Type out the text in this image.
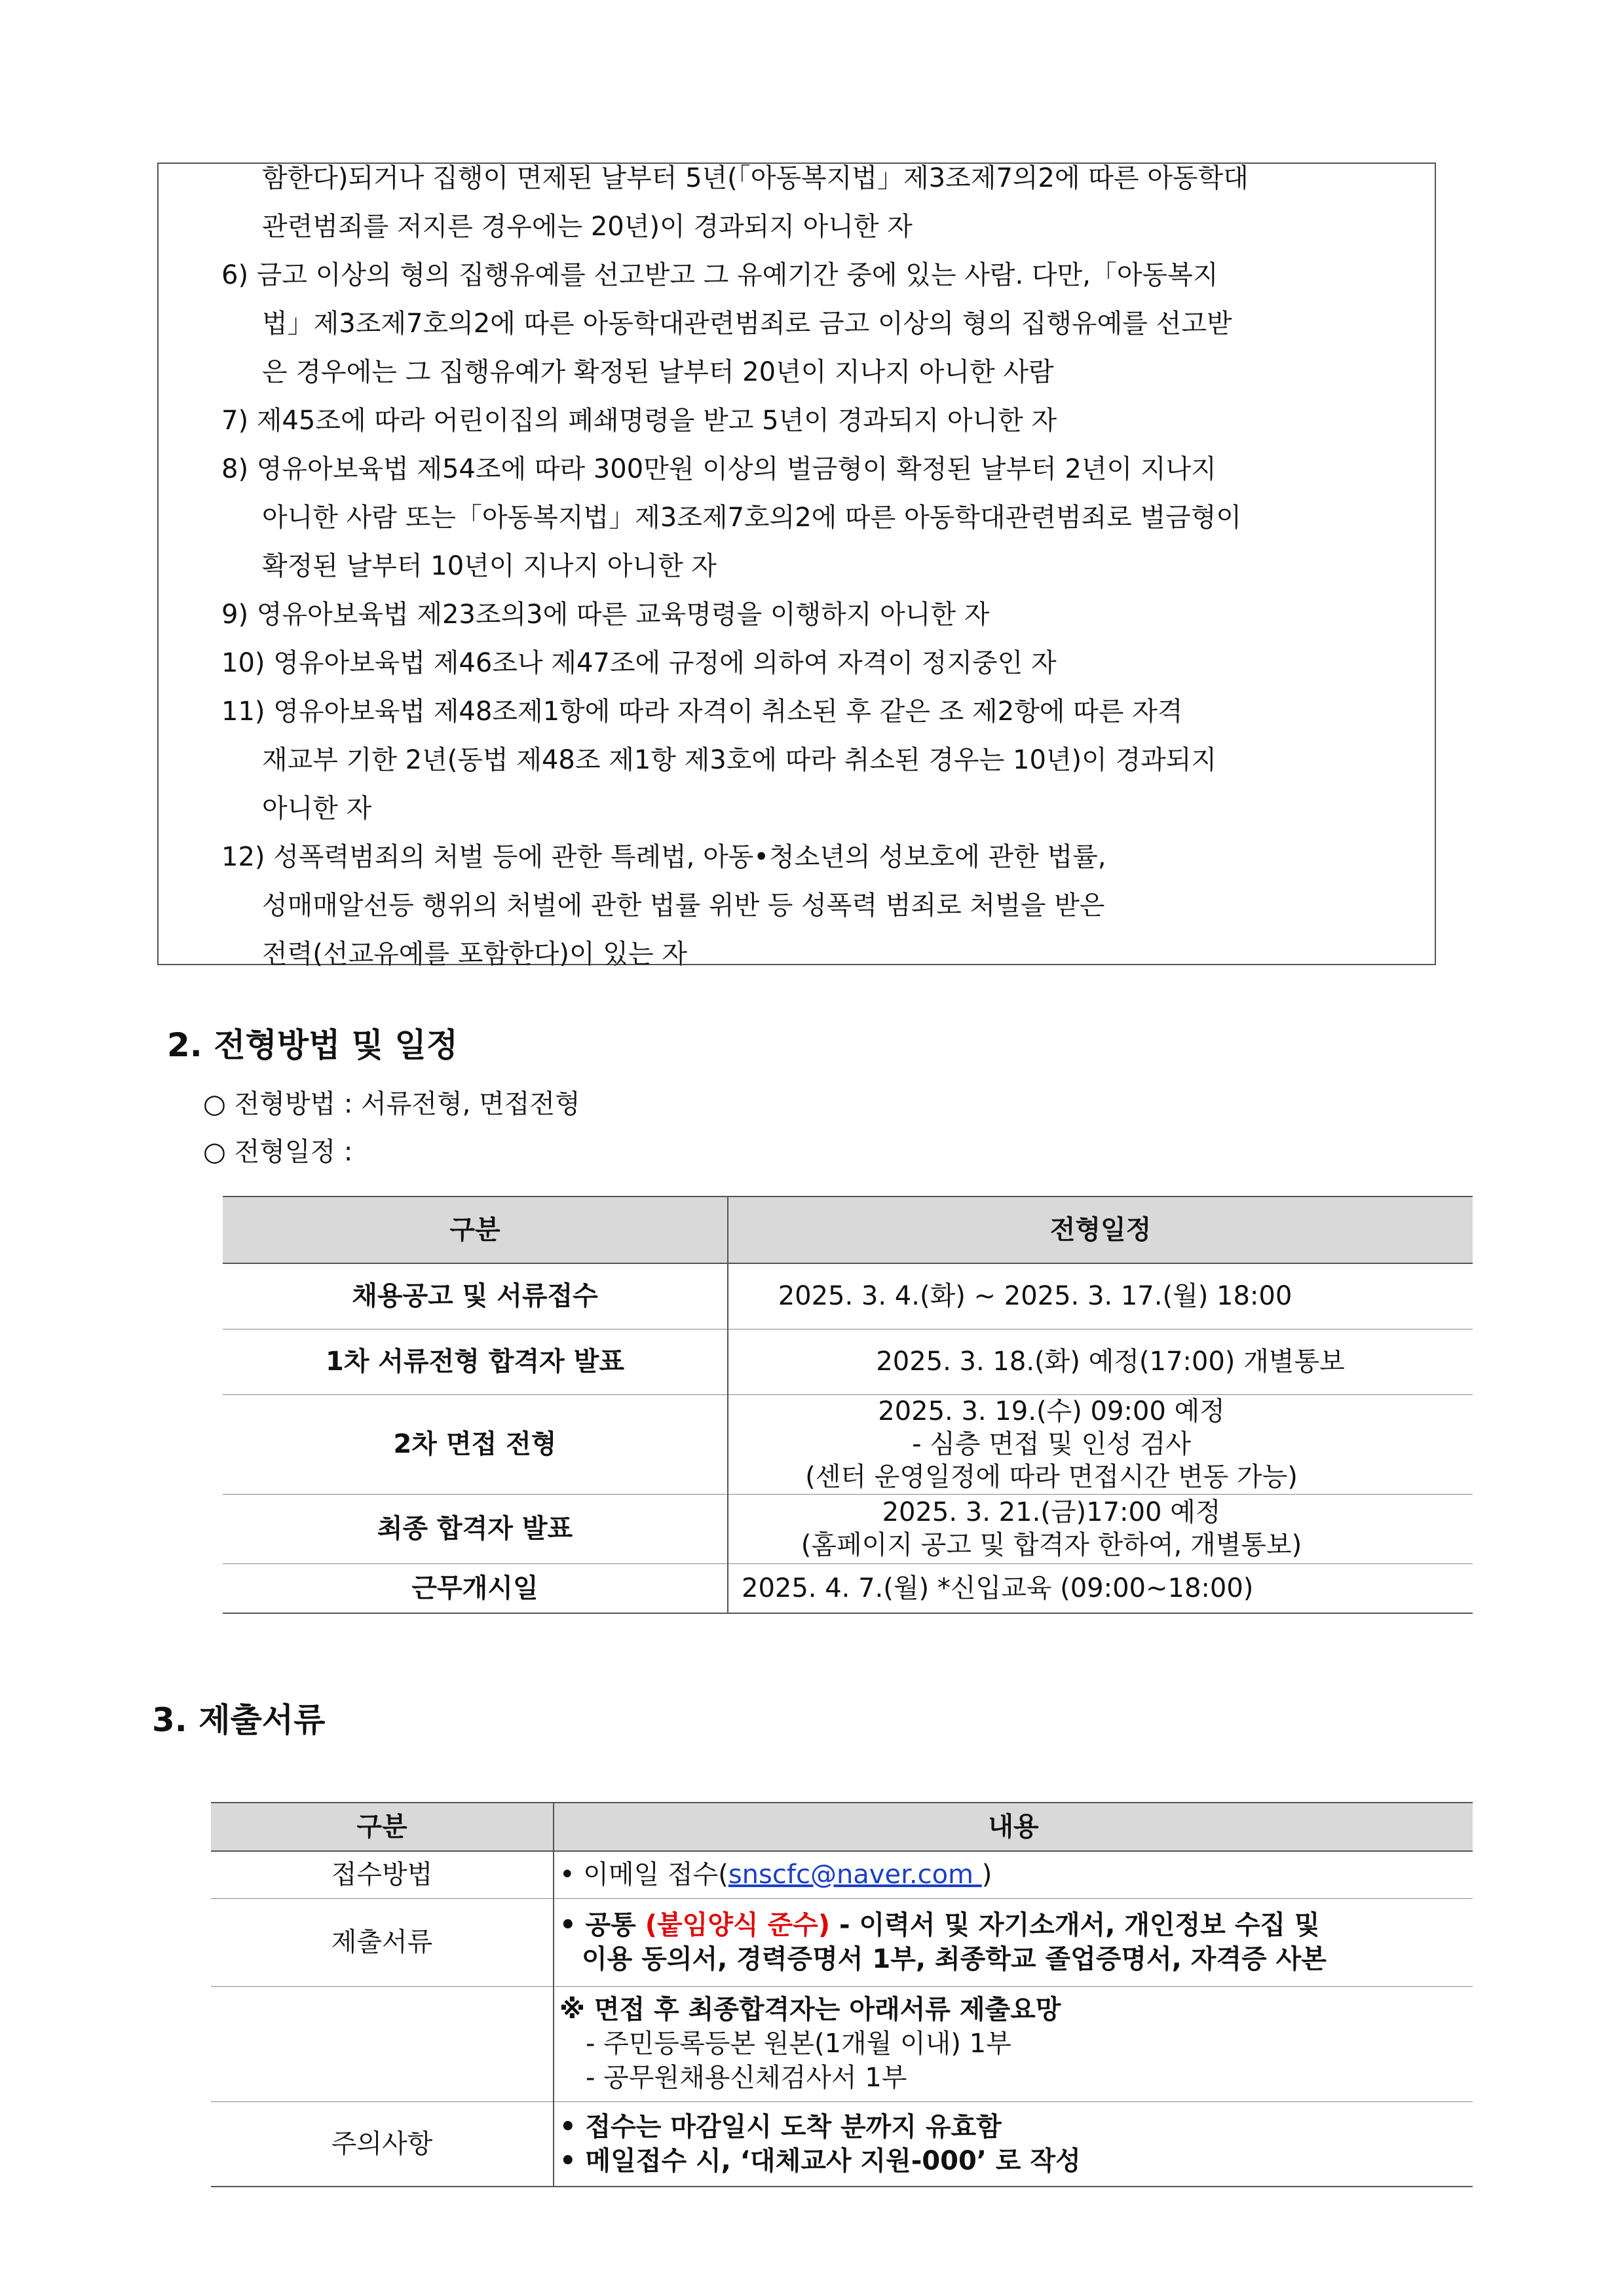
함한다)되거나 집행이 면제된 날부터 5년(「아동복지법」제3조제7의2에 따른 아동학대
관련범죄를 저지른 경우에는 20년)이 경과되지 아니한 자
6) 금고 이상의 형의 집행유예를 선고받고 그 유예기간 중에 있는 사람. 다만,「아동복지
법」제3조제7호의2에 따른 아동학대관련범죄로 금고 이상의 형의 집행유예를 선고받
은 경우에는 그 집행유예가 확정된 날부터 20년이 지나지 아니한 사람
7) 제45조에 따라 어린이집의 폐쇄명령을 받고 5년이 경과되지 아니한 자
8) 영유아보육법 제54조에 따라 300만원 이상의 벌금형이 확정된 날부터 2년이 지나지
아니한 사람 또는「아동복지법」제3조제7호의2에 따른 아동학대관련범죄로 벌금형이
확정된 날부터 10년이 지나지 아니한 자
9) 영유아보육법 제23조의3에 따른 교육명령을 이행하지 아니한 자
10) 영유아보육법 제46조나 제47조에 규정에 의하여 자격이 정지중인 자
11) 영유아보육법 제48조제1항에 따라 자격이 취소된 후 같은 조 제2항에 따른 자격
재교부 기한 2년(동법 제48조 제1항 제3호에 따라 취소된 경우는 10년)이 경과되지
아니한 자
12) 성폭력범죄의 처벌 등에 관한 특례법, 아동•청소년의 성보호에 관한 법률,
성매매알선등 행위의 처벌에 관한 법률 위반 등 성폭력 범죄로 처벌을 받은
전력(선교유예를 포함한다)이 있는 자
2. 전형방법 및 일정
○ 전형방법 : 서류전형, 면접전형
○ 전형일정 :
구분	전형일정
채용공고 및 서류접수	2025. 3. 4.(화) ~ 2025. 3. 17.(월) 18:00

1차 서류전형 합격자 발표	2025. 3. 18.(화) 예정(17:00) 개별통보

2차 면접 전형	2025. 3. 19.(수) 09:00 예정
- 심층 면접 및 인성 검사
(센터 운영일정에 따라 면접시간 변동 가능)

최종 합격자 발표	2025. 3. 21.(금)17:00 예정
(홈페이지 공고 및 합격자 한하여, 개별통보)

근무개시일	2025. 4. 7.(월) *신입교육 (09:00~18:00)
3. 제출서류
구분	내용
접수방법	• 이메일 접수(snscfc@naver.com )
제출서류	• 공통 (붙임양식 준수) - 이력서 및 자기소개서, 개인정보 수집 및
이용 동의서, 경력증명서 1부, 최종학교 졸업증명서, 자격증 사본

	※ 면접 후 최종합격자는 아래서류 제출요망
- 주민등록등본 원본(1개월 이내) 1부
- 공무원채용신체검사서 1부

주의사항	• 접수는 마감일시 도착 분까지 유효함
• 메일접수 시, ‘대체교사 지원-000’ 로 작성
